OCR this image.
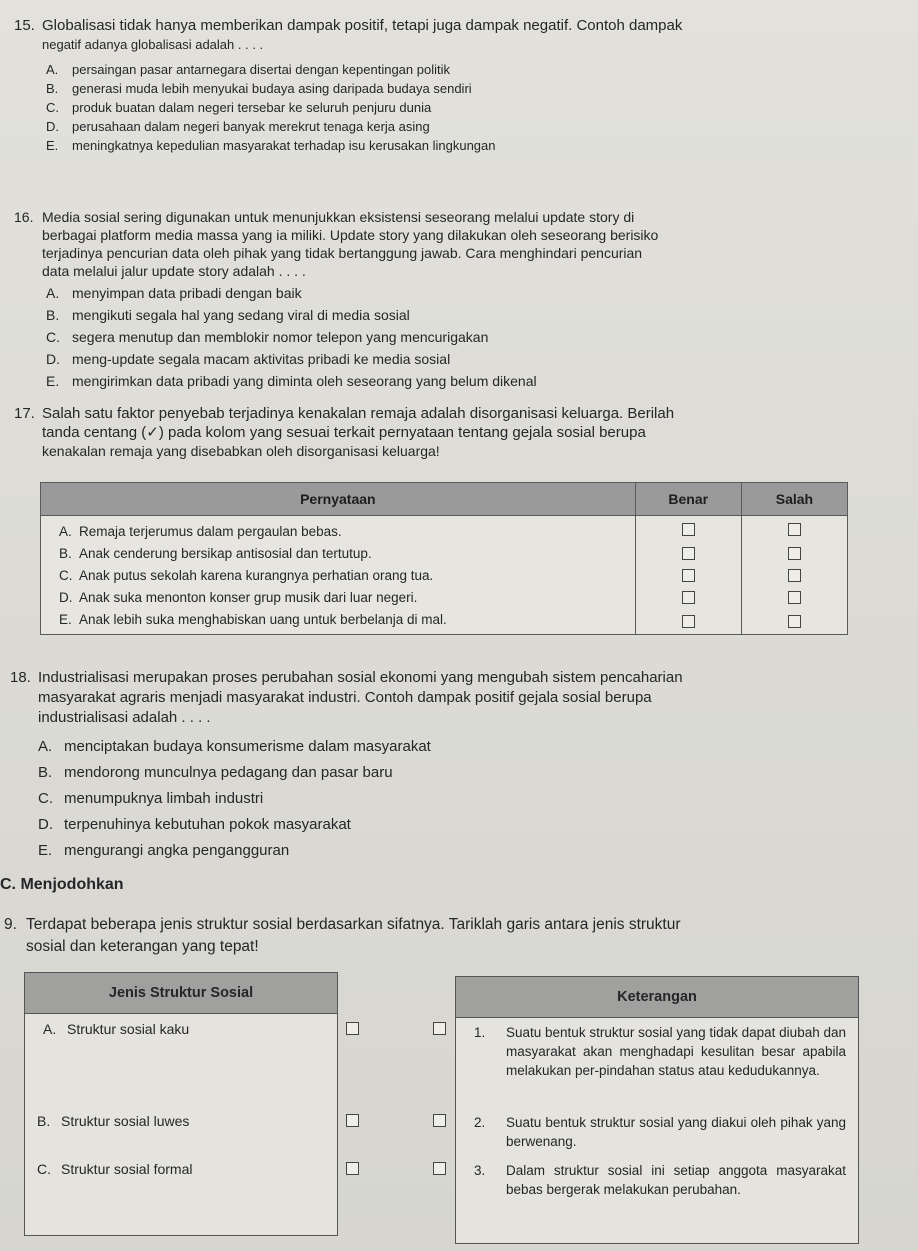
15. Globalisasi tidak hanya memberikan dampak positif, tetapi juga dampak negatif. Contoh dampak
negatif adanya globalisasi adalah . . . .
A. persaingan pasar antarnegara disertai dengan kepentingan politik
B. generasi muda lebih menyukai budaya asing daripada budaya sendiri
C. produk buatan dalam negeri tersebar ke seluruh penjuru dunia
D. perusahaan dalam negeri banyak merekrut tenaga kerja asing
E. meningkatnya kepedulian masyarakat terhadap isu kerusakan lingkungan
16. Media sosial sering digunakan untuk menunjukkan eksistensi seseorang melalui update story di
berbagai platform media massa yang ia miliki. Update story yang dilakukan oleh seseorang berisiko
terjadinya pencurian data oleh pihak yang tidak bertanggung jawab. Cara menghindari pencurian
data melalui jalur update story adalah . . . .
A. menyimpan data pribadi dengan baik
B. mengikuti segala hal yang sedang viral di media sosial
C. segera menutup dan memblokir nomor telepon yang mencurigakan
D. meng-update segala macam aktivitas pribadi ke media sosial
E. mengirimkan data pribadi yang diminta oleh seseorang yang belum dikenal
17. Salah satu faktor penyebab terjadinya kenakalan remaja adalah disorganisasi keluarga. Berilah
tanda centang (✓) pada kolom yang sesuai terkait pernyataan tentang gejala sosial berupa
kenakalan remaja yang disebabkan oleh disorganisasi keluarga!
Pernyataan	Benar	Salah
A. Remaja terjerumus dalam pergaulan bebas.		
B. Anak cenderung bersikap antisosial dan tertutup.		
C. Anak putus sekolah karena kurangnya perhatian orang tua.		
D. Anak suka menonton konser grup musik dari luar negeri.		
E. Anak lebih suka menghabiskan uang untuk berbelanja di mal.		
18. Industrialisasi merupakan proses perubahan sosial ekonomi yang mengubah sistem pencaharian
masyarakat agraris menjadi masyarakat industri. Contoh dampak positif gejala sosial berupa
industrialisasi adalah . . . .
A. menciptakan budaya konsumerisme dalam masyarakat
B. mendorong munculnya pedagang dan pasar baru
C. menumpuknya limbah industri
D. terpenuhinya kebutuhan pokok masyarakat
E. mengurangi angka pengangguran
C. Menjodohkan
9. Terdapat beberapa jenis struktur sosial berdasarkan sifatnya. Tariklah garis antara jenis struktur
sosial dan keterangan yang tepat!
Jenis Struktur Sosial
A. Struktur sosial kaku
B. Struktur sosial luwes
C. Struktur sosial formal
Keterangan
1.	Suatu bentuk struktur sosial yang tidak dapat diubah dan masyarakat akan menghadapi kesulitan besar apabila melakukan per-pindahan status atau kedudukannya.
2.	Suatu bentuk struktur sosial yang diakui oleh pihak yang berwenang.
3.	Dalam struktur sosial ini setiap anggota masyarakat bebas bergerak melakukan perubahan.
